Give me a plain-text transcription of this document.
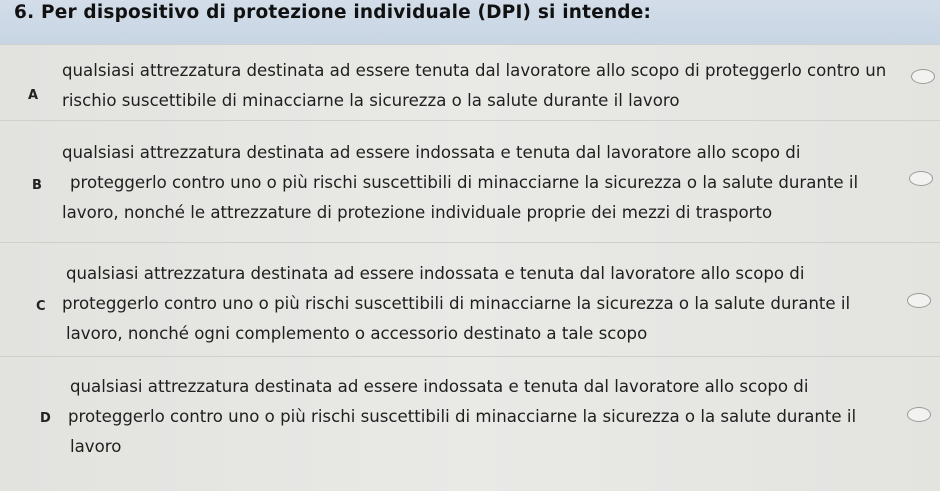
6. Per dispositivo di protezione individuale (DPI) si intende:
A
qualsiasi attrezzatura destinata ad essere tenuta dal lavoratore allo scopo di proteggerlo contro un
rischio suscettibile di minacciarne la sicurezza o la salute durante il lavoro
B
qualsiasi attrezzatura destinata ad essere indossata e tenuta dal lavoratore allo scopo di
proteggerlo contro uno o più rischi suscettibili di minacciarne la sicurezza o la salute durante il
lavoro, nonché le attrezzature di protezione individuale proprie dei mezzi di trasporto
C
qualsiasi attrezzatura destinata ad essere indossata e tenuta dal lavoratore allo scopo di
proteggerlo contro uno o più rischi suscettibili di minacciarne la sicurezza o la salute durante il
lavoro, nonché ogni complemento o accessorio destinato a tale scopo
D
qualsiasi attrezzatura destinata ad essere indossata e tenuta dal lavoratore allo scopo di
proteggerlo contro uno o più rischi suscettibili di minacciarne la sicurezza o la salute durante il
lavoro
